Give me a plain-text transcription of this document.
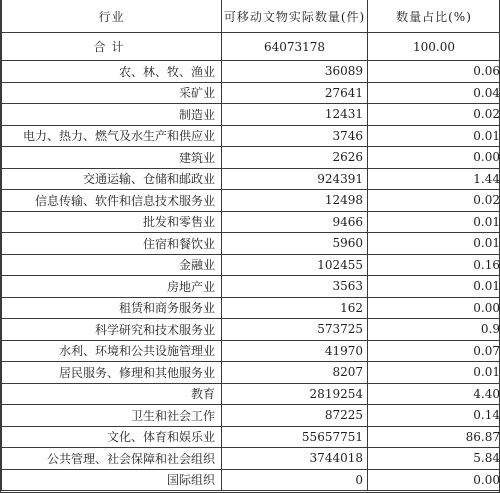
行业	可移动文物实际数量(件)	数量占比(%)
合计	64073178	100.00
农、林、牧、渔业	36089	0.06
采矿业	27641	0.04
制造业	12431	0.02
电力、热力、燃气及水生产和供应业	3746	0.01
建筑业	2626	0.00
交通运输、仓储和邮政业	924391	1.44
信息传输、软件和信息技术服务业	12498	0.02
批发和零售业	9466	0.01
住宿和餐饮业	5960	0.01
金融业	102455	0.16
房地产业	3563	0.01
租赁和商务服务业	162	0.00
科学研究和技术服务业	573725	0.9
水利、环境和公共设施管理业	41970	0.07
居民服务、修理和其他服务业	8207	0.01
教育	2819254	4.40
卫生和社会工作	87225	0.14
文化、体育和娱乐业	55657751	86.87
公共管理、社会保障和社会组织	3744018	5.84
国际组织	0	0.00
